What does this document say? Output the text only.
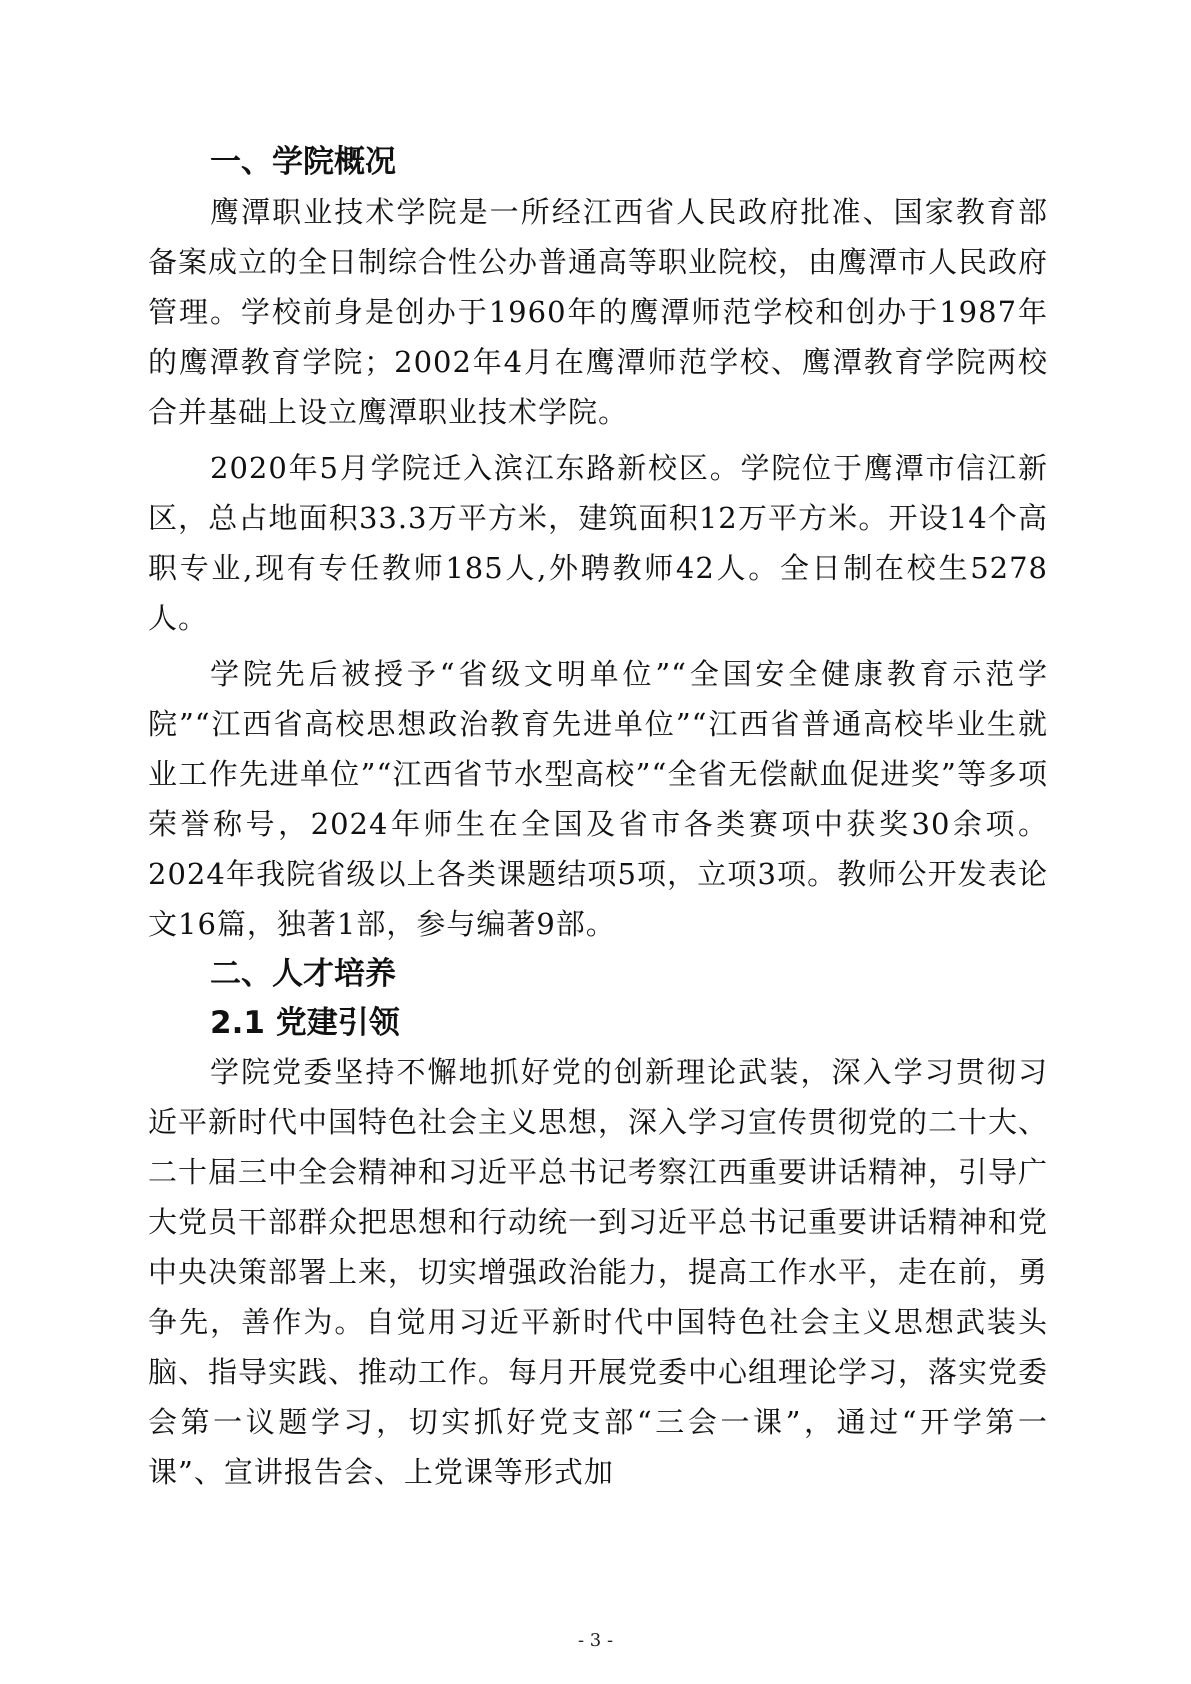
一、学院概况

鹰潭职业技术学院是一所经江西省人民政府批准、国家教育部备案成立的全日制综合性公办普通高等职业院校，由鹰潭市人民政府管理。学校前身是创办于1960年的鹰潭师范学校和创办于1987年的鹰潭教育学院；2002年4月在鹰潭师范学校、鹰潭教育学院两校合并基础上设立鹰潭职业技术学院。

2020年5月学院迁入滨江东路新校区。学院位于鹰潭市信江新区，总占地面积33.3万平方米，建筑面积12万平方米。开设14个高职专业,现有专任教师185人,外聘教师42人。全日制在校生5278人。

学院先后被授予“省级文明单位”“全国安全健康教育示范学院”“江西省高校思想政治教育先进单位”“江西省普通高校毕业生就业工作先进单位”“江西省节水型高校”“全省无偿献血促进奖”等多项荣誉称号，2024年师生在全国及省市各类赛项中获奖30余项。2024年我院省级以上各类课题结项5项，立项3项。教师公开发表论文16篇，独著1部，参与编著9部。

二、人才培养
2.1 党建引领

学院党委坚持不懈地抓好党的创新理论武装，深入学习贯彻习近平新时代中国特色社会主义思想，深入学习宣传贯彻党的二十大、二十届三中全会精神和习近平总书记考察江西重要讲话精神，引导广大党员干部群众把思想和行动统一到习近平总书记重要讲话精神和党中央决策部署上来，切实增强政治能力，提高工作水平，走在前，勇争先，善作为。自觉用习近平新时代中国特色社会主义思想武装头脑、指导实践、推动工作。每月开展党委中心组理论学习，落实党委会第一议题学习，切实抓好党支部“三会一课”，通过“开学第一课”、宣讲报告会、上党课等形式加

- 3 -
